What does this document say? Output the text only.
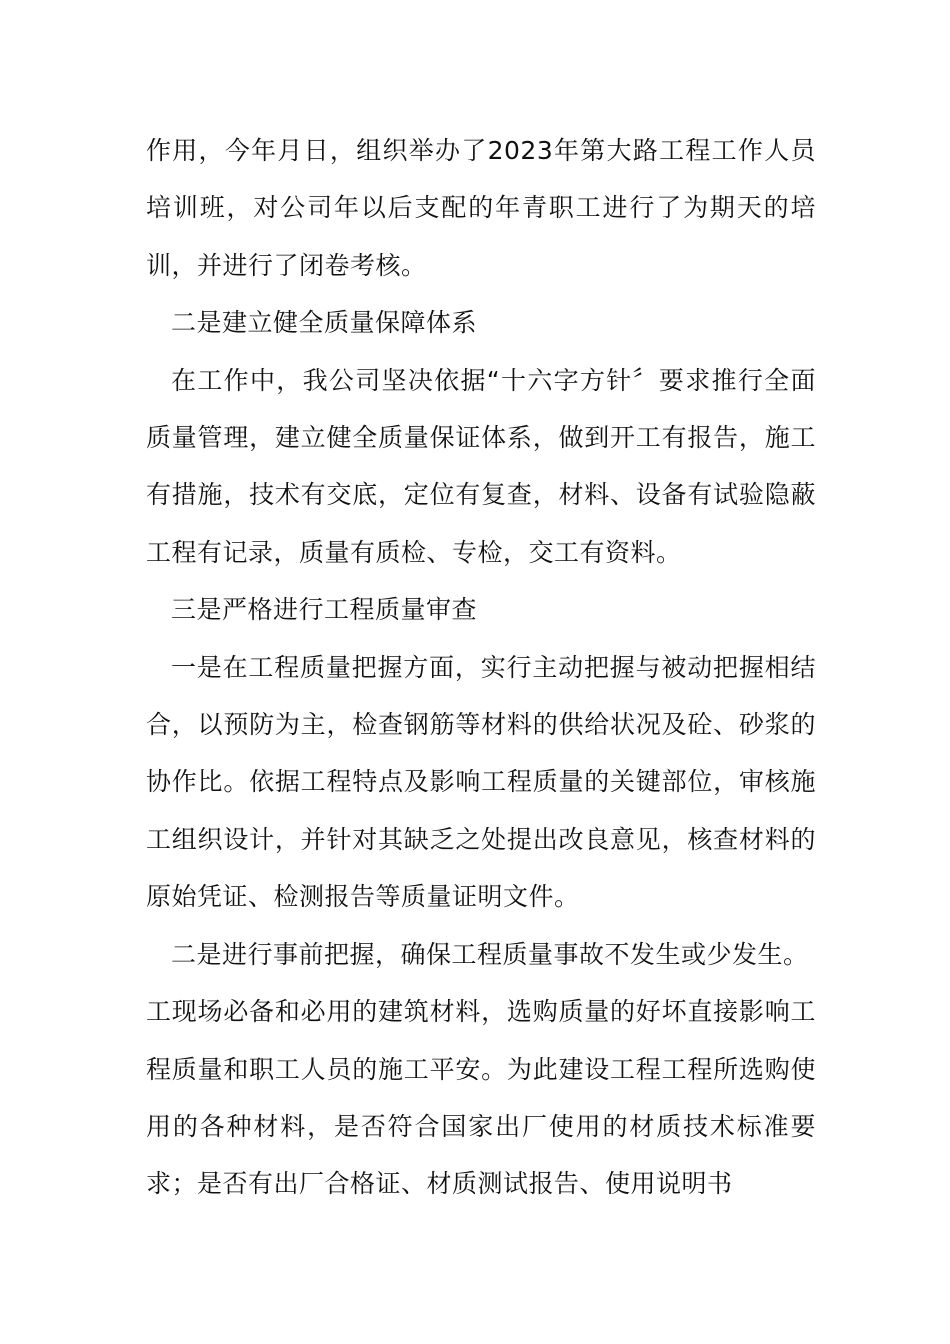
作用，今年月日，组织举办了2023年第大路工程工作人员培训班，对公司年以后支配的年青职工进行了为期天的培训，并进行了闭卷考核。

二是建立健全质量保障体系

在工作中，我公司坚决依据“十六字方针〞要求推行全面质量管理，建立健全质量保证体系，做到开工有报告，施工有措施，技术有交底，定位有复查，材料、设备有试验隐蔽工程有记录，质量有质检、专检，交工有资料。

三是严格进行工程质量审查

一是在工程质量把握方面，实行主动把握与被动把握相结合，以预防为主，检查钢筋等材料的供给状况及砼、砂浆的协作比。依据工程特点及影响工程质量的关键部位，审核施工组织设计，并针对其缺乏之处提出改良意见，核查材料的原始凭证、检测报告等质量证明文件。

二是进行事前把握，确保工程质量事故不发生或少发生。

工现场必备和必用的建筑材料，选购质量的好坏直接影响工程质量和职工人员的施工平安。为此建设工程工程所选购使用的各种材料，是否符合国家出厂使用的材质技术标准要求；是否有出厂合格证、材质测试报告、使用说明书
